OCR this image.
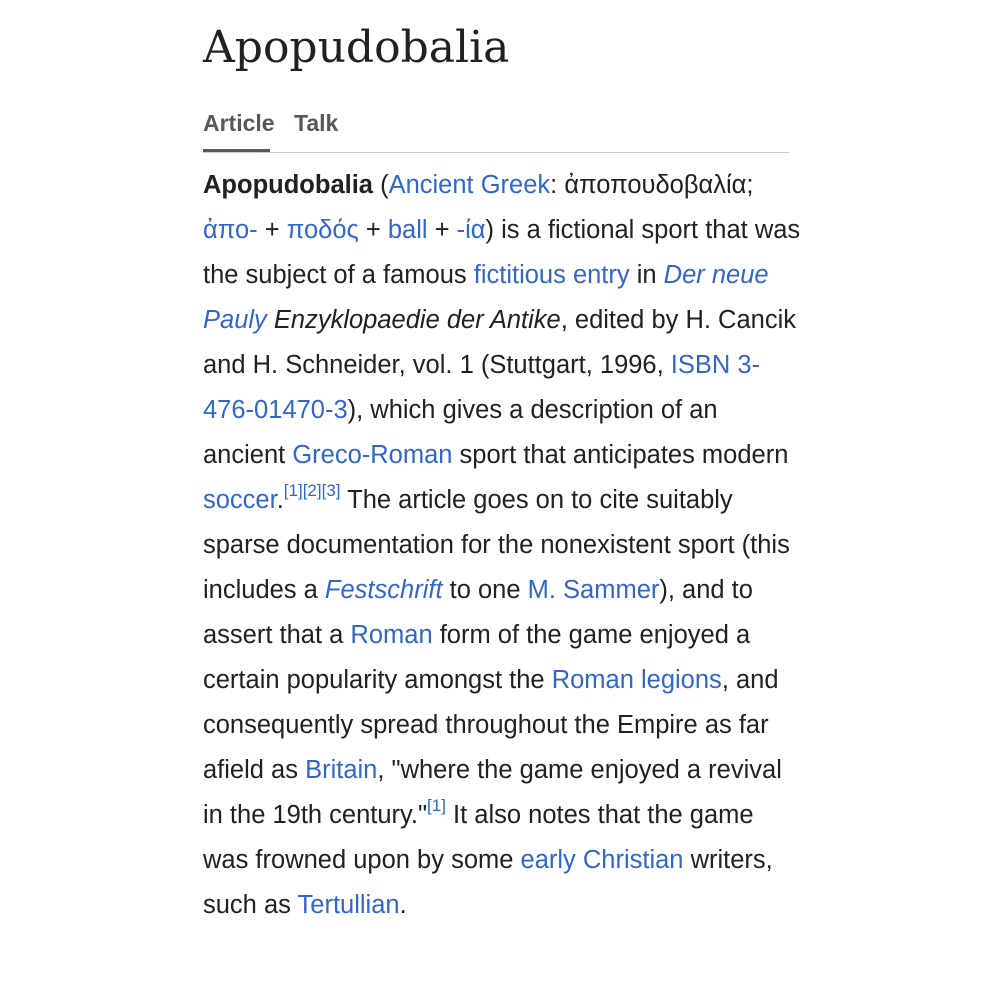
Apopudobalia
Article Talk

Apopudobalia (Ancient Greek: ἀποπουδοβαλία; ἀπο- + ποδός + ball + -ία) is a fictional sport that was the subject of a famous fictitious entry in Der neue Pauly Enzyklopaedie der Antike, edited by H. Cancik and H. Schneider, vol. 1 (Stuttgart, 1996, ISBN 3-476-01470-3), which gives a description of an ancient Greco-Roman sport that anticipates modern soccer.[1][2][3] The article goes on to cite suitably sparse documentation for the nonexistent sport (this includes a Festschrift to one M. Sammer), and to assert that a Roman form of the game enjoyed a certain popularity amongst the Roman legions, and consequently spread throughout the Empire as far afield as Britain, "where the game enjoyed a revival in the 19th century."[1] It also notes that the game was frowned upon by some early Christian writers, such as Tertullian.
